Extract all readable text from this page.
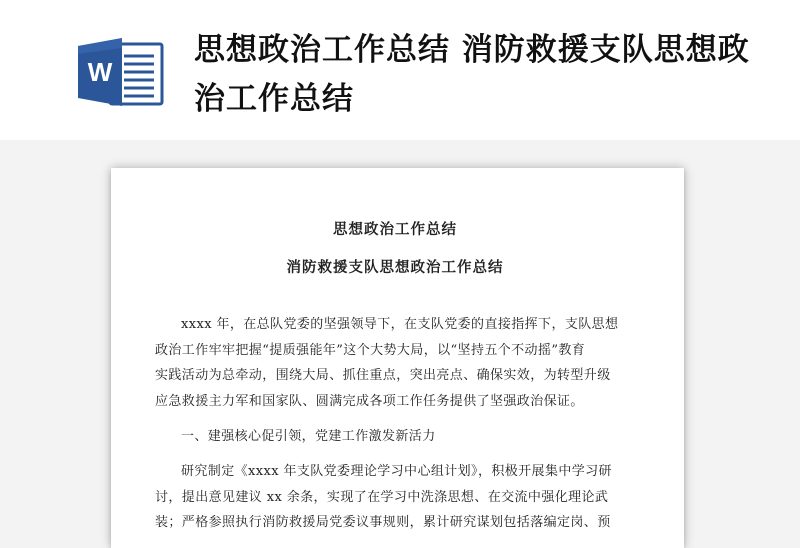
W
思想政治工作总结 消防救援支队思想政治工作总结
思想政治工作总结
消防救援支队思想政治工作总结
xxxx 年，在总队党委的坚强领导下，在支队党委的直接指挥下，支队思想
政治工作牢牢把握“提质强能年”这个大势大局，以“坚持五个不动摇”教育
实践活动为总牵动，围绕大局、抓住重点，突出亮点、确保实效，为转型升级
应急救援主力军和国家队、圆满完成各项工作任务提供了坚强政治保证。
一、建强核心促引领，党建工作激发新活力
研究制定《xxxx 年支队党委理论学习中心组计划》，积极开展集中学习研
讨，提出意见建议 xx 余条，实现了在学习中洗涤思想、在交流中强化理论武
装；严格参照执行消防救援局党委议事规则，累计研究谋划包括落编定岗、预
